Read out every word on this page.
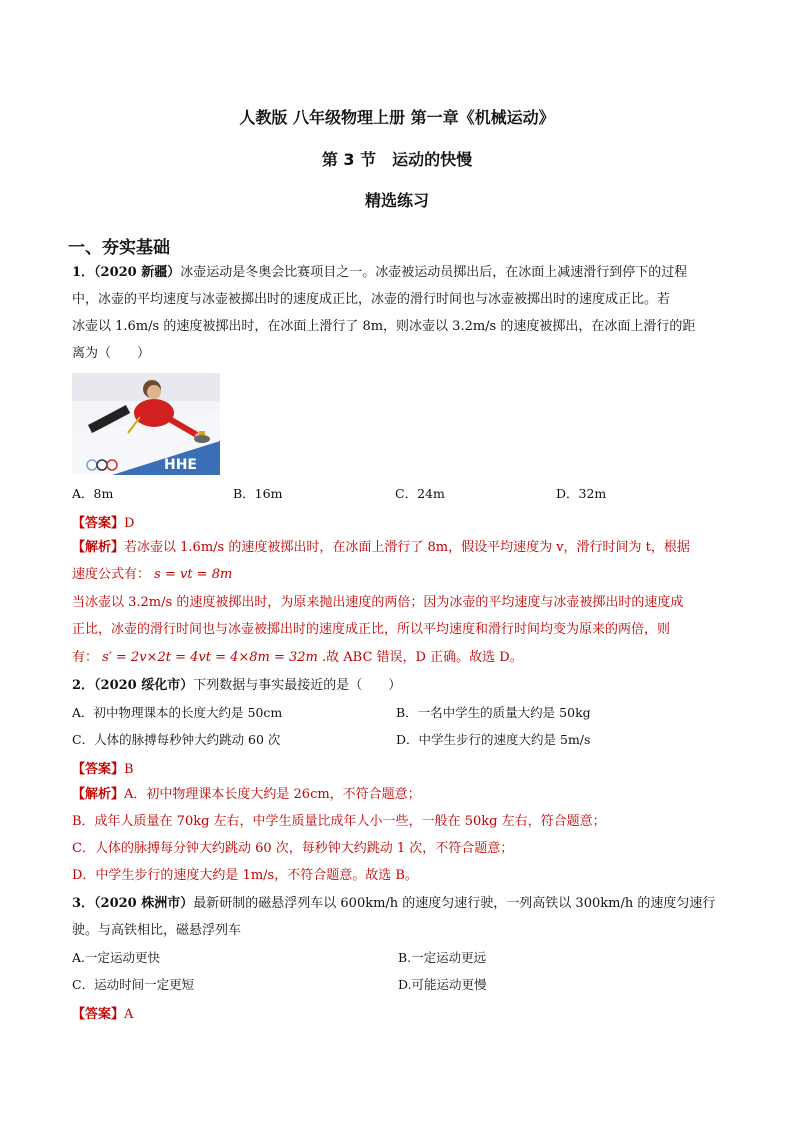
人教版 八年级物理上册 第一章《机械运动》
第 3 节　运动的快慢
精选练习
一、夯实基础
1．（2020 新疆）冰壶运动是冬奥会比赛项目之一。冰壶被运动员掷出后，在冰面上减速滑行到停下的过程
中，冰壶的平均速度与冰壶被掷出时的速度成正比，冰壶的滑行时间也与冰壶被掷出时的速度成正比。若
冰壶以 1.6m/s 的速度被掷出时，在冰面上滑行了 8m，则冰壶以 3.2m/s 的速度被掷出，在冰面上滑行的距
离为（　　）
HHE
A．8m	B．16m	C．24m	D．32m
【答案】D
【解析】若冰壶以 1.6m/s 的速度被掷出时，在冰面上滑行了 8m，假设平均速度为 v，滑行时间为 t，根据
速度公式有： s = vt = 8m
当冰壶以 3.2m/s 的速度被掷出时，为原来抛出速度的两倍；因为冰壶的平均速度与冰壶被掷出时的速度成
正比，冰壶的滑行时间也与冰壶被掷出时的速度成正比，所以平均速度和滑行时间均变为原来的两倍，则
有： s′ = 2v×2t = 4vt = 4×8m = 32m .故 ABC 错误，D 正确。故选 D。
2．（2020 绥化市）下列数据与事实最接近的是（　　）
A．初中物理课本的长度大约是 50cm	B．一名中学生的质量大约是 50kg
C．人体的脉搏每秒钟大约跳动 60 次	D．中学生步行的速度大约是 5m/s
【答案】B
【解析】A．初中物理课本长度大约是 26cm，不符合题意；
B．成年人质量在 70kg 左右，中学生质量比成年人小一些，一般在 50kg 左右，符合题意；
C．人体的脉搏每分钟大约跳动 60 次，每秒钟大约跳动 1 次，不符合题意；
D．中学生步行的速度大约是 1m/s，不符合题意。故选 B。
3．（2020 株洲市）最新研制的磁悬浮列车以 600km/h 的速度匀速行驶，一列高铁以 300km/h 的速度匀速行
驶。与高铁相比，磁悬浮列车
A.一定运动更快	B.一定运动更远
C．运动时间一定更短	D.可能运动更慢
【答案】A
